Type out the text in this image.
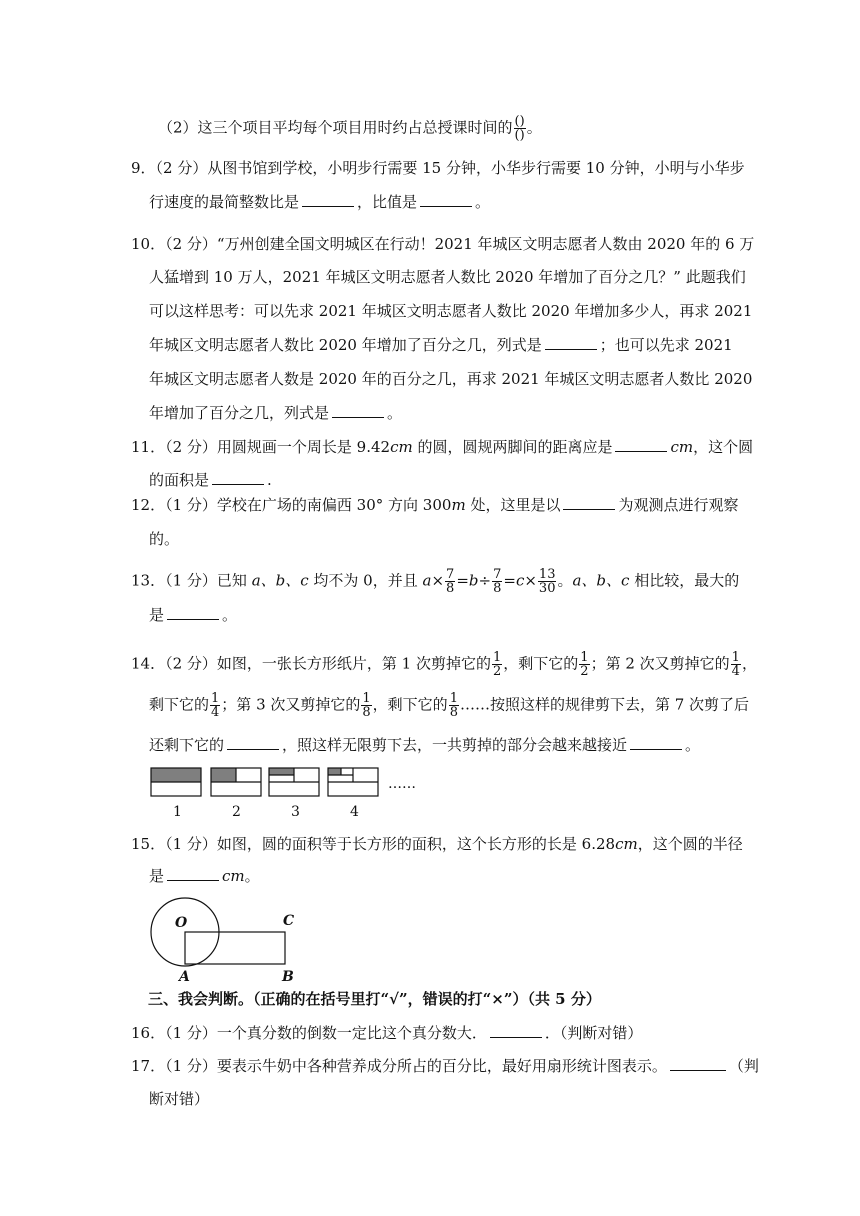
（2）这三个项目平均每个项目用时约占总授课时间的 $\frac{()}{()}$ 。
9．（2 分）从图书馆到学校，小明步行需要 15 分钟，小华步行需要 10 分钟，小明与小华步
行速度的最简整数比是	，比值是	。
10．（2 分）“万州创建全国文明城区在行动！2021 年城区文明志愿者人数由 2020 年的 6 万
人猛增到 10 万人，2021 年城区文明志愿者人数比 2020 年增加了百分之几？” 此题我们
可以这样思考：可以先求 2021 年城区文明志愿者人数比 2020 年增加多少人，再求 2021
年城区文明志愿者人数比 2020 年增加了百分之几，列式是	；也可以先求 2021
年城区文明志愿者人数是 2020 年的百分之几，再求 2021 年城区文明志愿者人数比 2020
年增加了百分之几，列式是	。
11．（2 分）用圆规画一个周长是 9.42cm 的圆，圆规两脚间的距离应是	cm，这个圆
的面积是	.
12．（1 分）学校在广场的南偏西 30° 方向 300m 处，这里是以	为观测点进行观察
的。
13．（1 分）已知 a、b、c 均不为 0，并且 $a\times \frac{7}{8} =b\div \frac{7}{8} =c\times \frac{13}{30}$ 。a、b、c 相比较，最大的
是	。
14．（2 分）如图，一张长方形纸片，第 1 次剪掉它的 $\frac{1}{2}$ ，剩下它的 $\frac{1}{2}$ ；第 2 次又剪掉它的 $\frac{1}{4}$ ，
剩下它的 $\frac{1}{4}$ ；第 3 次又剪掉它的 $\frac{1}{8}$ ，剩下它的 $\frac{1}{8}$ ……按照这样的规律剪下去，第 7 次剪了后
还剩下它的	，照这样无限剪下去，一共剪掉的部分会越来越接近	。
1	2	3	4
……
15．（1 分）如图，圆的面积等于长方形的面积，这个长方形的长是 6.28cm，这个圆的半径
是	cm。
O	C
A	B
三、我会判断。（正确的在括号里打“√”，错误的打“×”）（共 5 分）
16．（1 分）一个真分数的倒数一定比这个真分数大．	．（判断对错）
17．（1 分）要表示牛奶中各种营养成分所占的百分比，最好用扇形统计图表示。	（判
断对错）
